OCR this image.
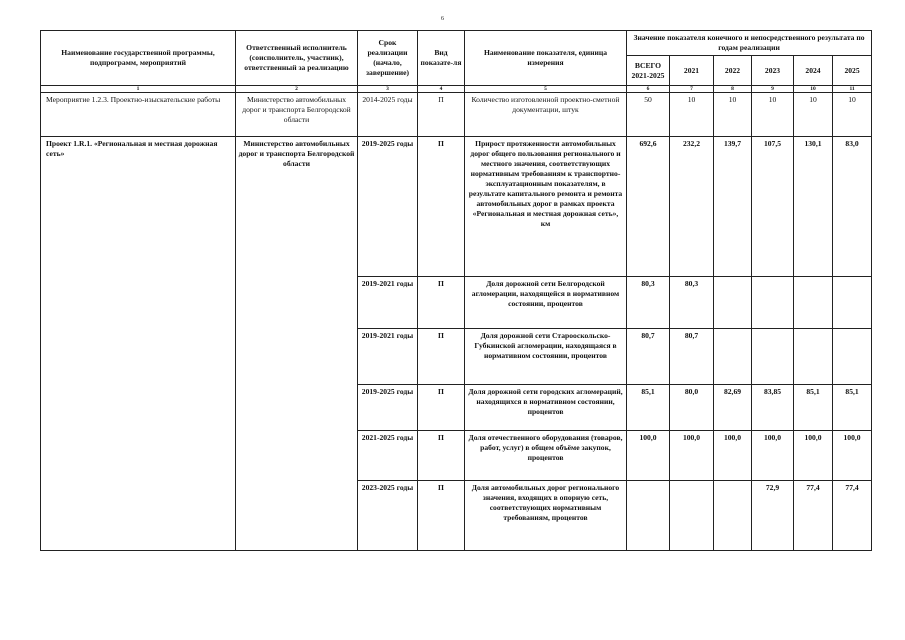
6
Наименование государственной программы, подпрограмм, мероприятий	Ответственный исполнитель (соисполнитель, участник), ответственный за реализацию	Срок реализации (начало, завершение)	Вид показате-ля	Наименование показателя, единица измерения	Значение показателя конечного и непосредственного результата по годам реализации					
					ВСЕГО 2021-2025	2021	2022	2023	2024	2025
1	2	3	4	5	6	7	8	9	10	11
Мероприятие 1.2.3. Проектно-изыскательские работы	Министерство автомобильных дорог и транспорта Белгородской области	2014-2025 годы	П	Количество изготовленной проектно-сметной документации, штук	50	10	10	10	10	10
Проект 1.R.1. «Региональная и местная дорожная сеть»	Министерство автомобильных дорог и транспорта Белгородской области	2019-2025 годы	П	Прирост протяженности автомобильных дорог общего пользования регионального и местного значения, соответствующих нормативным требованиям к транспортно-эксплуатационным показателям, в результате капитального ремонта и ремонта автомобильных дорог в рамках проекта «Региональная и местная дорожная сеть», км	692,6	232,2	139,7	107,5	130,1	83,0
		2019-2021 годы	П	Доля дорожной сети Белгородской агломерации, находящейся в нормативном состоянии, процентов	80,3	80,3				
		2019-2021 годы	П	Доля дорожной сети Старооскольско-Губкинской агломерации, находящаяся в нормативном состоянии, процентов	80,7	80,7				
		2019-2025 годы	П	Доля дорожной сети городских агломераций, находящихся в нормативном состоянии, процентов	85,1	80,0	82,69	83,85	85,1	85,1
		2021-2025 годы	П	Доля отечественного оборудования (товаров, работ, услуг) в общем объёме закупок, процентов	100,0	100,0	100,0	100,0	100,0	100,0
		2023-2025 годы	П	Доля автомобильных дорог регионального значения, входящих в опорную сеть, соответствующих нормативным требованиям, процентов				72,9	77,4	77,4
